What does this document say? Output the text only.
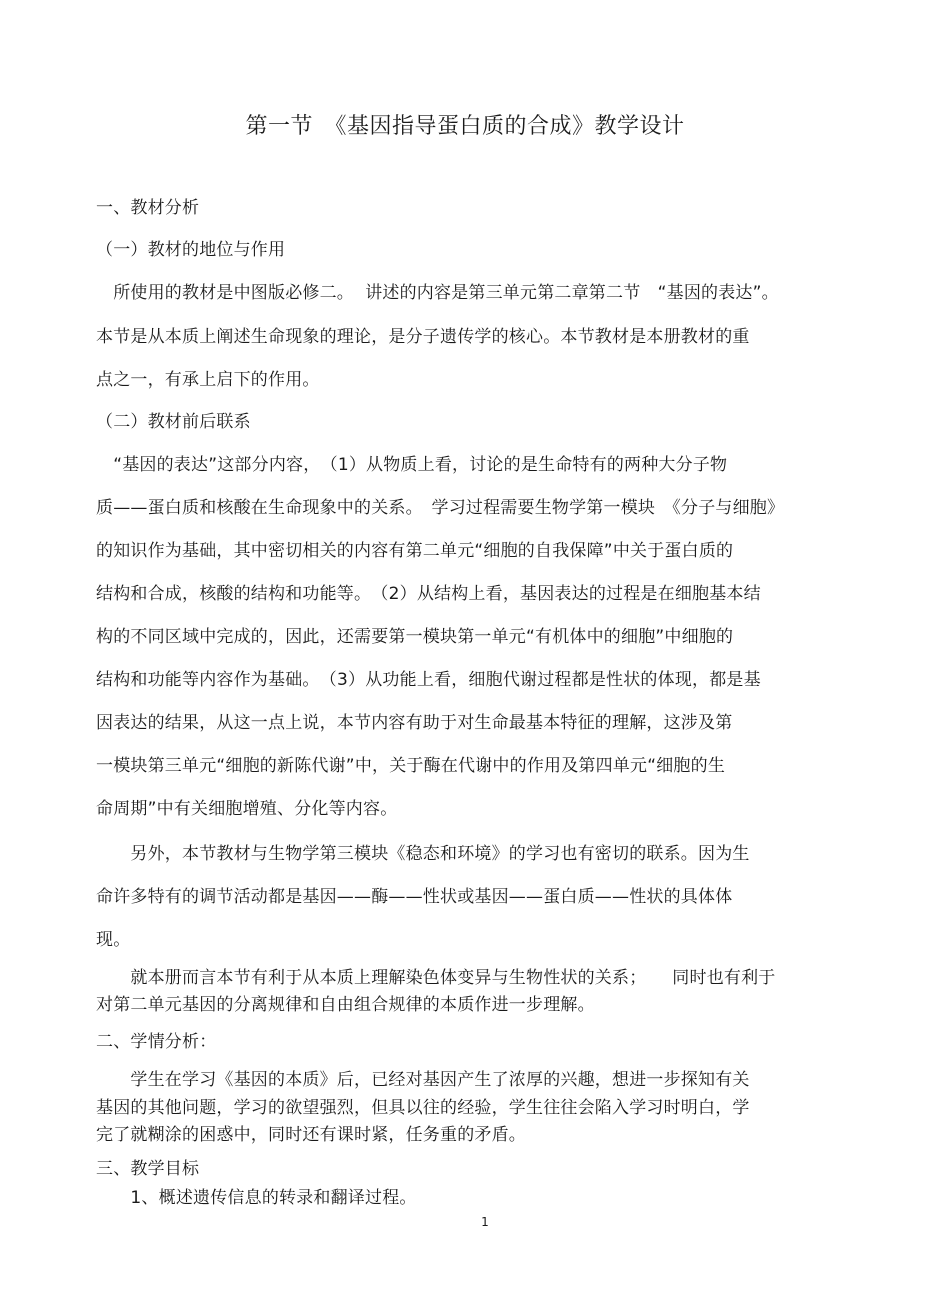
第一节　《基因指导蛋白质的合成》教学设计
一、教材分析
（一）教材的地位与作用
　所使用的教材是中图版必修二。  讲述的内容是第三单元第二章第二节　“基因的表达”。
本节是从本质上阐述生命现象的理论，是分子遗传学的核心。本节教材是本册教材的重
点之一，有承上启下的作用。
（二）教材前后联系
　“基因的表达”这部分内容，　（1）从物质上看，讨论的是生命特有的两种大分子物
质——蛋白质和核酸在生命现象中的关系。　学习过程需要生物学第一模块　《分子与细胞》
的知识作为基础，其中密切相关的内容有第二单元“细胞的自我保障”中关于蛋白质的
结构和合成，核酸的结构和功能等。　（2）从结构上看，基因表达的过程是在细胞基本结
构的不同区域中完成的，因此，还需要第一模块第一单元“有机体中的细胞”中细胞的
结构和功能等内容作为基础。　（3）从功能上看，细胞代谢过程都是性状的体现，都是基
因表达的结果，从这一点上说，本节内容有助于对生命最基本特征的理解，这涉及第
一模块第三单元“细胞的新陈代谢”中，关于酶在代谢中的作用及第四单元“细胞的生
命周期”中有关细胞增殖、分化等内容。
　　另外，本节教材与生物学第三模块《稳态和环境》的学习也有密切的联系。因为生
命许多特有的调节活动都是基因——酶——性状或基因——蛋白质——性状的具体体
现。
　　就本册而言本节有利于从本质上理解染色体变异与生物性状的关系；　　同时也有利于
对第二单元基因的分离规律和自由组合规律的本质作进一步理解。
二、学情分析：
　　学生在学习《基因的本质》后，已经对基因产生了浓厚的兴趣，想进一步探知有关
基因的其他问题，学习的欲望强烈，但具以往的经验，学生往往会陷入学习时明白，学
完了就糊涂的困惑中，同时还有课时紧，任务重的矛盾。
三、教学目标
　　1、概述遗传信息的转录和翻译过程。
1
